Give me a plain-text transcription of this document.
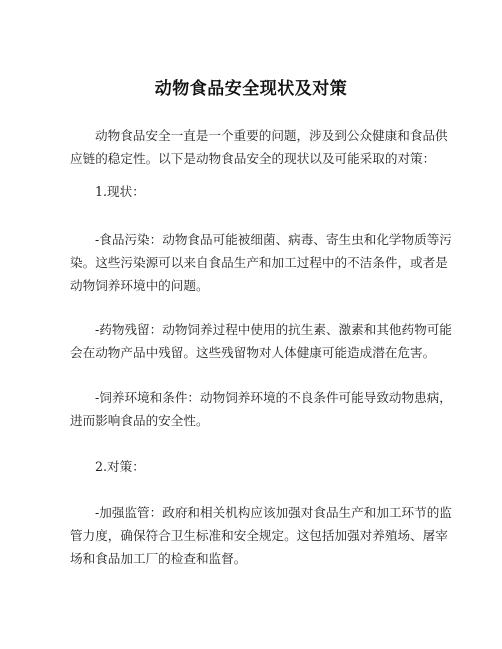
动物食品安全现状及对策
动物食品安全一直是一个重要的问题，涉及到公众健康和食品供
应链的稳定性。以下是动物食品安全的现状以及可能采取的对策：
1.现状：
-食品污染：动物食品可能被细菌、病毒、寄生虫和化学物质等污
染。这些污染源可以来自食品生产和加工过程中的不洁条件，或者是
动物饲养环境中的问题。
-药物残留：动物饲养过程中使用的抗生素、激素和其他药物可能
会在动物产品中残留。这些残留物对人体健康可能造成潜在危害。
-饲养环境和条件：动物饲养环境的不良条件可能导致动物患病，
进而影响食品的安全性。
2.对策：
-加强监管：政府和相关机构应该加强对食品生产和加工环节的监
管力度，确保符合卫生标准和安全规定。这包括加强对养殖场、屠宰
场和食品加工厂的检查和监督。
